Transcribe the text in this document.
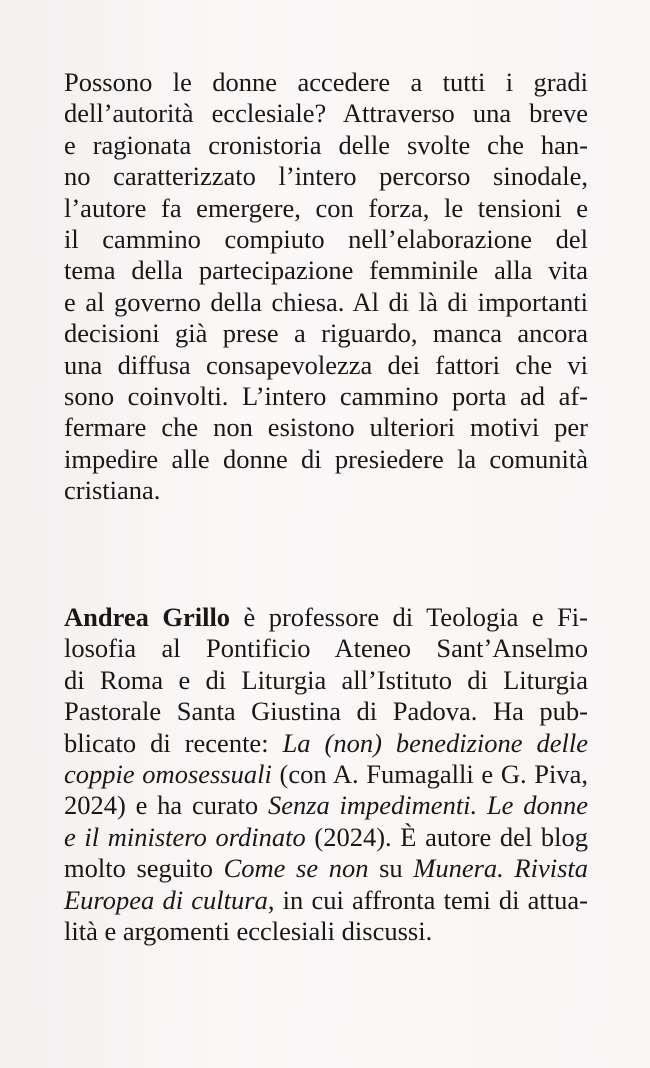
Possono le donne accedere a tutti i gradi
dell’autorità ecclesiale? Attraverso una breve
e ragionata cronistoria delle svolte che han-
no caratterizzato l’intero percorso sinodale,
l’autore fa emergere, con forza, le tensioni e
il cammino compiuto nell’elaborazione del
tema della partecipazione femminile alla vita
e al governo della chiesa. Al di là di importanti
decisioni già prese a riguardo, manca ancora
una diffusa consapevolezza dei fattori che vi
sono coinvolti. L’intero cammino porta ad af-
fermare che non esistono ulteriori motivi per
impedire alle donne di presiedere la comunità
cristiana.
Andrea Grillo è professore di Teologia e Fi-
losofia al Pontificio Ateneo Sant’Anselmo
di Roma e di Liturgia all’Istituto di Liturgia
Pastorale Santa Giustina di Padova. Ha pub-
blicato di recente: La (non) benedizione delle
coppie omosessuali (con A. Fumagalli e G. Piva,
2024) e ha curato Senza impedimenti. Le donne
e il ministero ordinato (2024). È autore del blog
molto seguito Come se non su Munera. Rivista
Europea di cultura, in cui affronta temi di attua-
lità e argomenti ecclesiali discussi.
